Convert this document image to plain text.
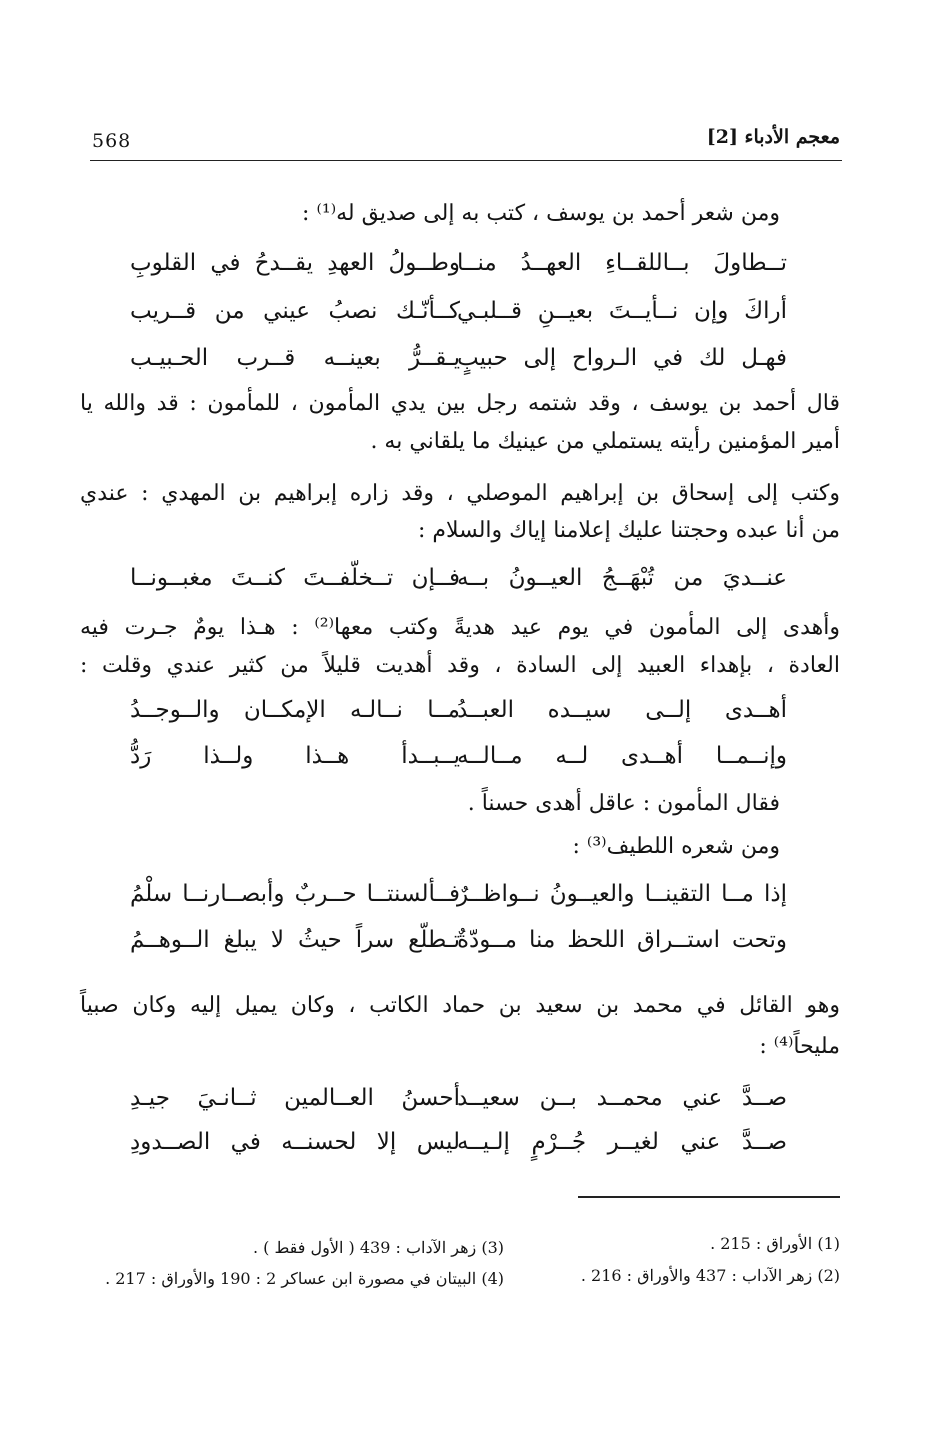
568	معجم الأدباء [2]
ومن شعر أحمد بن يوسف ، كتب به إلى صديق له⁽¹⁾ :
تــطاولَ بــاللقــاءِ العهــدُ منــا
وطــولُ العهدِ يقــدحُ في القلوبِ
أراكَ وإن نــأيــتَ بعيــنِ قــلبـي
كــأنّـك نصبُ عيني من قــريب
فهـل لك في الـرواح إلى حبيبٍ
يـقــرُّ بعينــه قــرب الحـبيـب
قال أحمد بن يوسف ، وقد شتمه رجل بين يدي المأمون ، للمأمون : قد والله يا
أمير المؤمنين رأيته يستملي من عينيك ما يلقاني به .
وكتب إلى إسحاق بن إبراهيم الموصلي ، وقد زاره إبراهيم بن المهدي : عندي
من أنا عبده وحجتنا عليك إعلامنا إياك والسلام :
عنــديَ من تُبْهَــجُ العيــونُ بــه
فــإن تــخلّفــتَ كنــتَ مغبــونــا
وأهدى إلى المأمون في يوم عيد هديةً وكتب معها⁽²⁾ : هـذا يومٌ جـرت فيه
العادة ، بإهداء العبيد إلى السادة ، وقد أهديت قليلاً من كثير عندي وقلت :
أهــدى إلــى سيــده العبــدُ
مــا نــالـه الإمكــان والــوجــدُ
وإنــمــا أهــدى لــه مــالــه
يــبــدأ هــذا ولــذا رَدُّ
فقال المأمون : عاقل أهدى حسناً .
ومن شعره اللطيف⁽³⁾ :
إذا مــا التقينــا والعيــونُ نــواظــرٌ
فــألسنتــا حــربٌ وأبصــارنــا سلْمُ
وتحت استــراق اللحظ منا مــودّةٌ
تـطلّع سراً حيثُ لا يبلغ الــوهــمُ
وهو القائل في محمد بن سعيد بن حماد الكاتب ، وكان يميل إليه وكان صبياً
مليحاً⁽⁴⁾ :
صــدَّ عني محمــد بــن سعيــد
أحسنُ العــالمين ثــانـيَ جيـدِ
صــدَّ عني لغيــر جُــرْمٍ إلـيــه
ليس إلا لحسنــه في الصــدودِ
(1) الأوراق : 215 .
(2) زهر الآداب : 437 والأوراق : 216 .
(3) زهر الآداب : 439 ( الأول فقط ) .
(4) البيتان في مصورة ابن عساكر 2 : 190 والأوراق : 217 .
